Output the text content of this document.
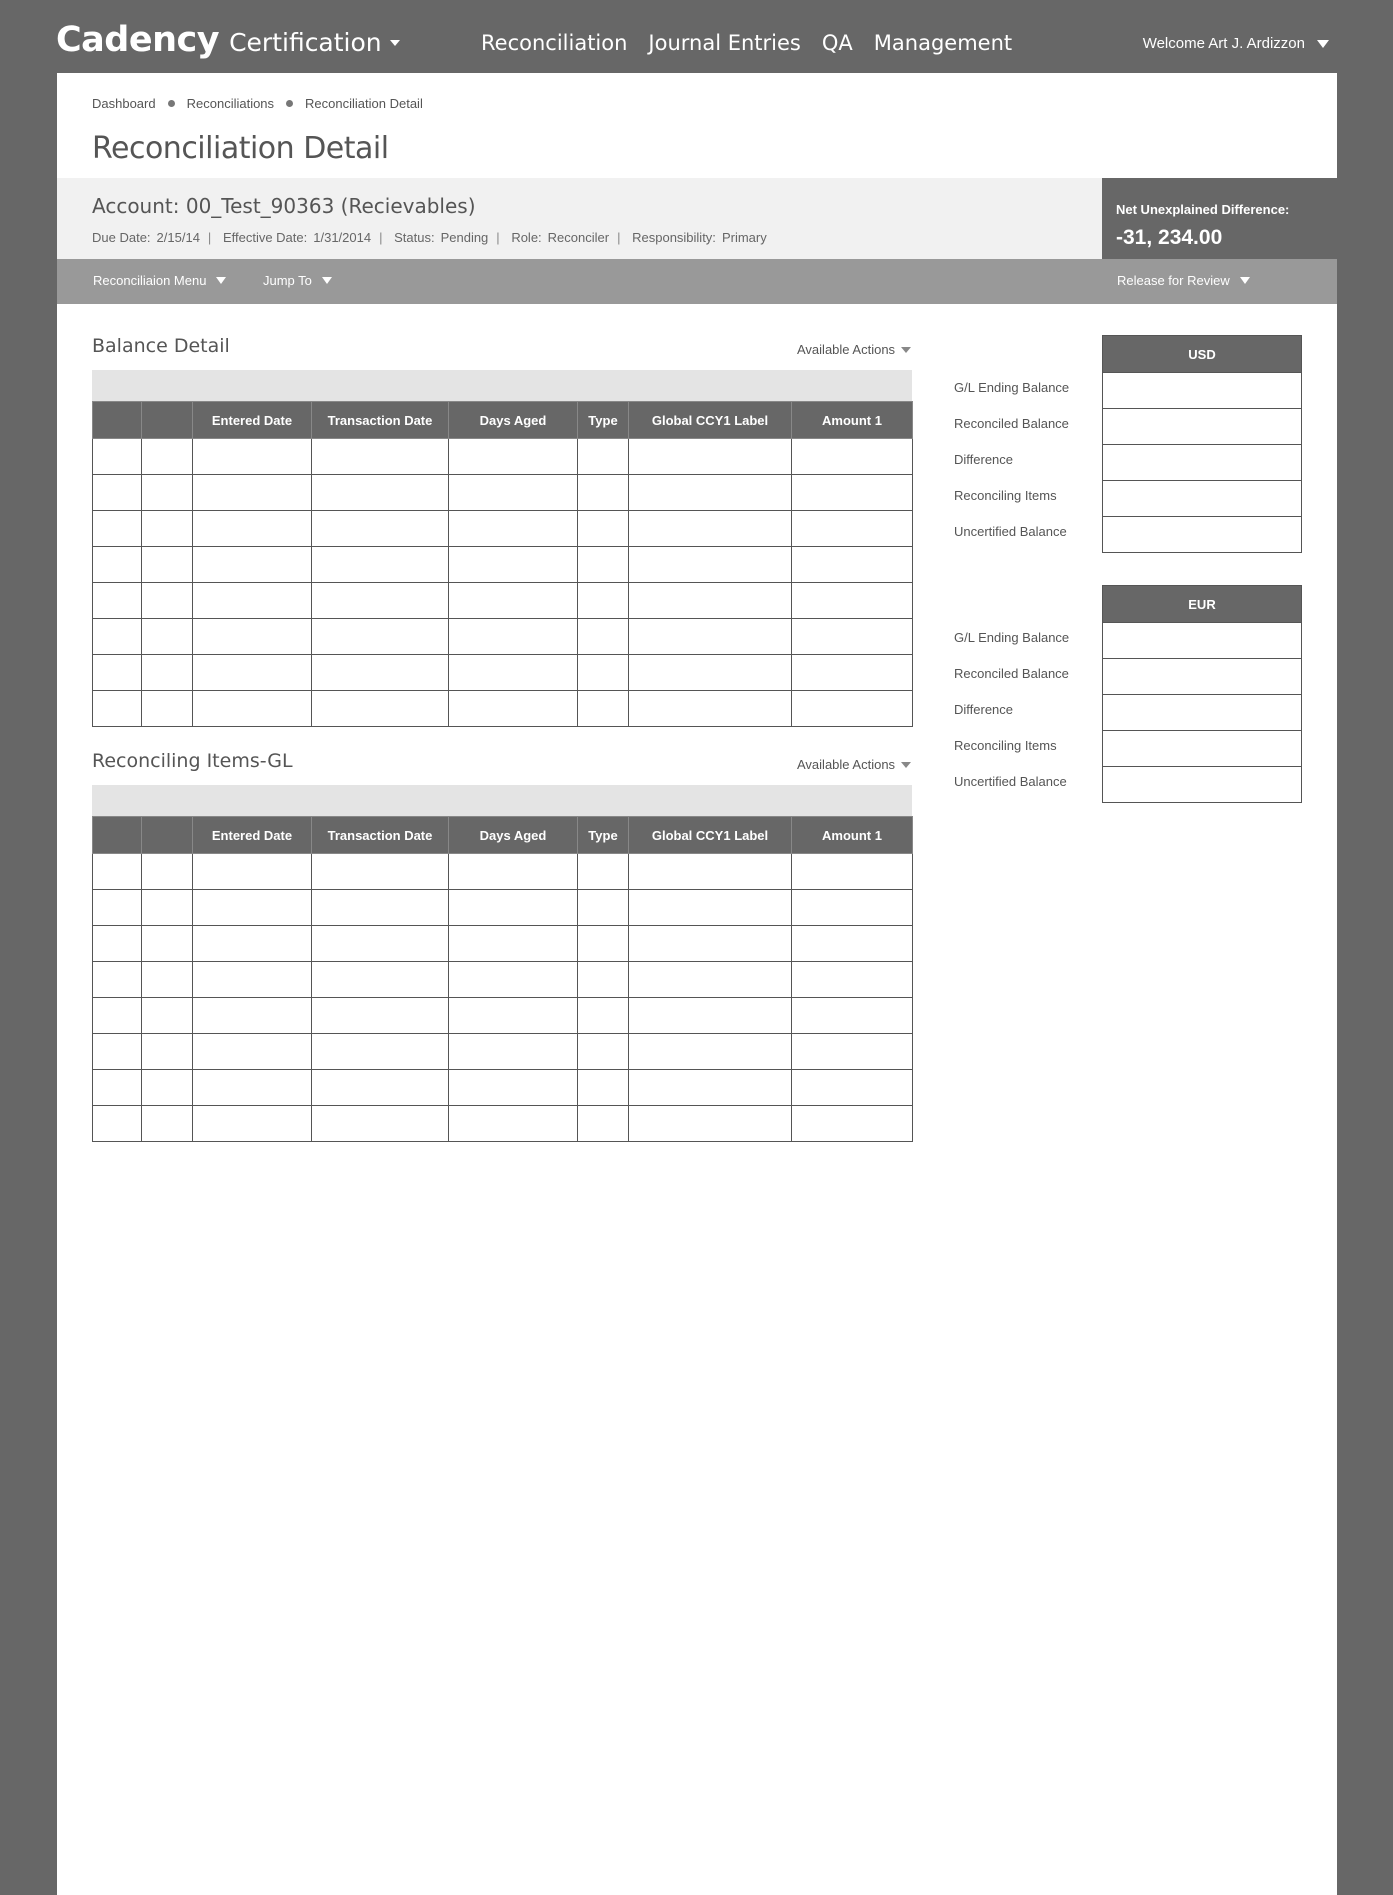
Cadency Certification	Reconciliation Journal Entries QA Management	Welcome Art J. Ardizzon
Dashboard Reconciliations Reconciliation Detail
Reconciliation Detail
Account: 00_Test_90363 (Recievables)
Due Date: 2/15/14 | Effective Date: 1/31/2014 | Status: Pending | Role: Reconciler | Responsibility: Primary
Net Unexplained Difference:
-31, 234.00
Reconciliaion Menu	Jump To	Release for Review
Balance Detail	Available Actions
		Entered Date	Transaction Date	Days Aged	Type	Global CCY1 Label	Amount 1

Reconciling Items-GL	Available Actions
		Entered Date	Transaction Date	Days Aged	Type	Global CCY1 Label	Amount 1

G/L Ending Balance
Reconciled Balance
Difference
Reconciling Items
Uncertified Balance
USD
G/L Ending Balance
Reconciled Balance
Difference
Reconciling Items
Uncertified Balance
EUR
